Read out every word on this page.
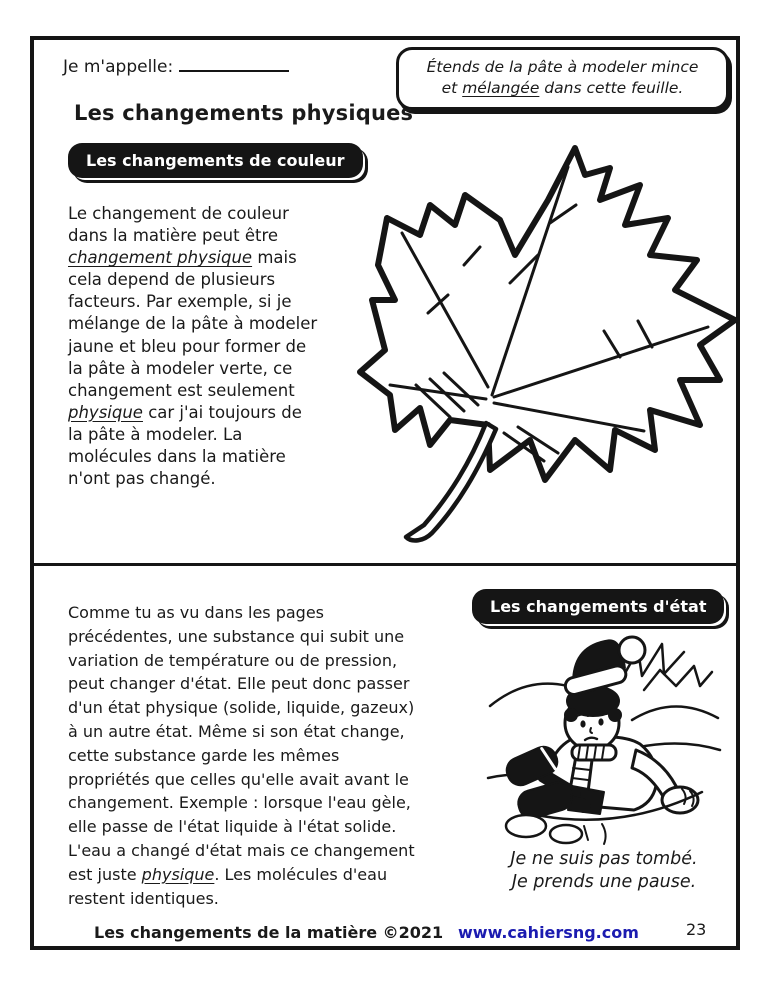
Je m'appelle:	Étends de la pâte à modeler mince
et mélangée dans cette feuille.
Les changements physiques
Les changements de couleur
Le changement de couleur
dans la matière peut être
changement physique mais
cela depend de plusieurs
facteurs. Par exemple, si je
mélange de la pâte à modeler
jaune et bleu pour former de
la pâte à modeler verte, ce
changement est seulement
physique car j'ai toujours de
la pâte à modeler. La
molécules dans la matière
n'ont pas changé.
Comme tu as vu dans les pages
précédentes, une substance qui subit une
variation de température ou de pression,
peut changer d'état. Elle peut donc passer
d'un état physique (solide, liquide, gazeux)
à un autre état. Même si son état change,
cette substance garde les mêmes
propriétés que celles qu'elle avait avant le
changement. Exemple : lorsque l'eau gèle,
elle passe de l'état liquide à l'état solide.
L'eau a changé d'état mais ce changement
est juste physique. Les molécules d'eau
restent identiques.
Les changements d'état
Je ne suis pas tombé.
Je prends une pause.
Les changements de la matière ©2021 www.cahiersng.com	23
